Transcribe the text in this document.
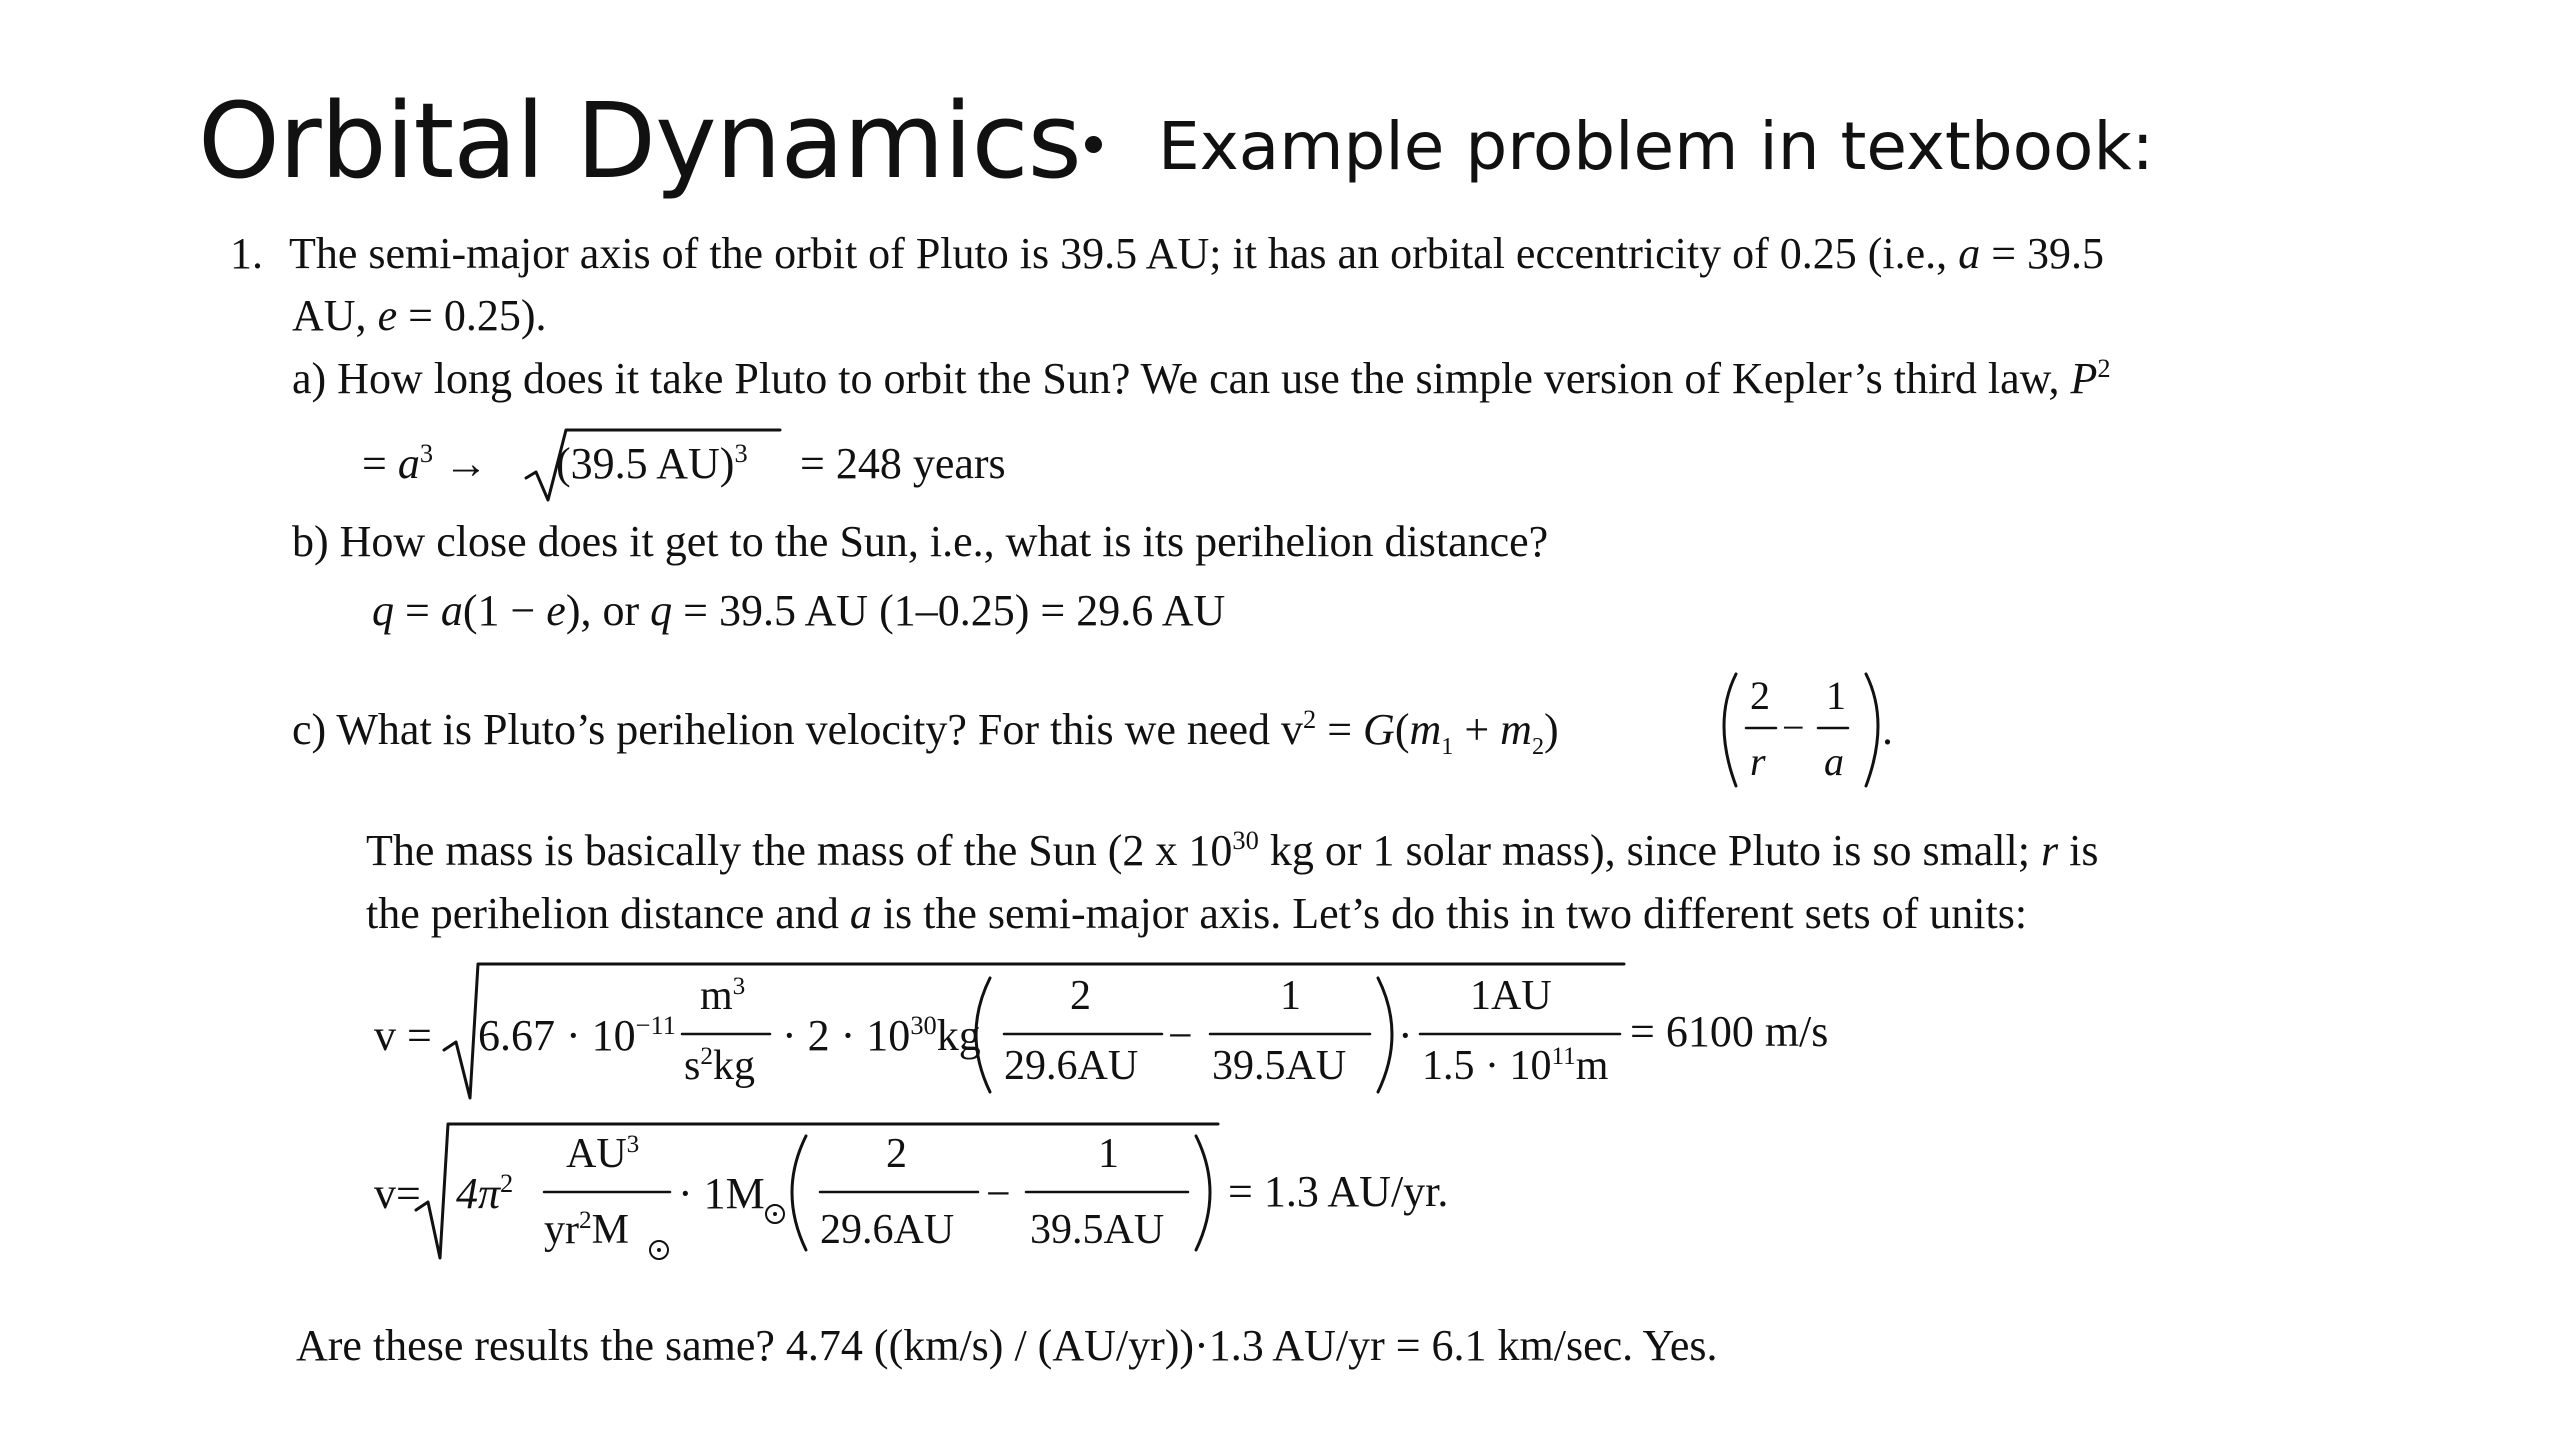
Orbital Dynamics	Example problem in textbook:
1. The semi-major axis of the orbit of Pluto is 39.5 AU; it has an orbital eccentricity of 0.25 (i.e., a = 39.5
AU, e = 0.25).
a) How long does it take Pluto to orbit the Sun? We can use the simple version of Kepler’s third law, $P^2$
= $a^3 \to (39.5$ AU)$^3$ = 248 years
b) How close does it get to the Sun, i.e., what is its perihelion distance?
q = a(1 − e), or q = 39.5 AU (1–0.25) = 29.6 AU
c) What is Pluto’s perihelion velocity? For this we need $v^2 = G(m_1 + m_2)$
2
r
−
1
a
.
The mass is basically the mass of the Sun (2 x $10^{30}$ kg or 1 solar mass), since Pluto is so small; r is
the perihelion distance and a is the semi-major axis. Let’s do this in two different sets of units:
$v = 6.67 \cdot 10^{-11}$
$m^3$
$s^2kg$
· $2 \cdot 10^{30}kg$
2
29.6AU
−
1
39.5AU
·
1AU
$1.5 \cdot 10^{11}m$
= 6100 m/s
$v= 4\pi^2$
$AU^3$
$yr^2M$
· 1M
2
29.6AU
−
1
39.5AU
= 1.3 AU/yr.
Are these results the same? 4.74 ((km/s) / (AU/yr))·1.3 AU/yr = 6.1 km/sec. Yes.
